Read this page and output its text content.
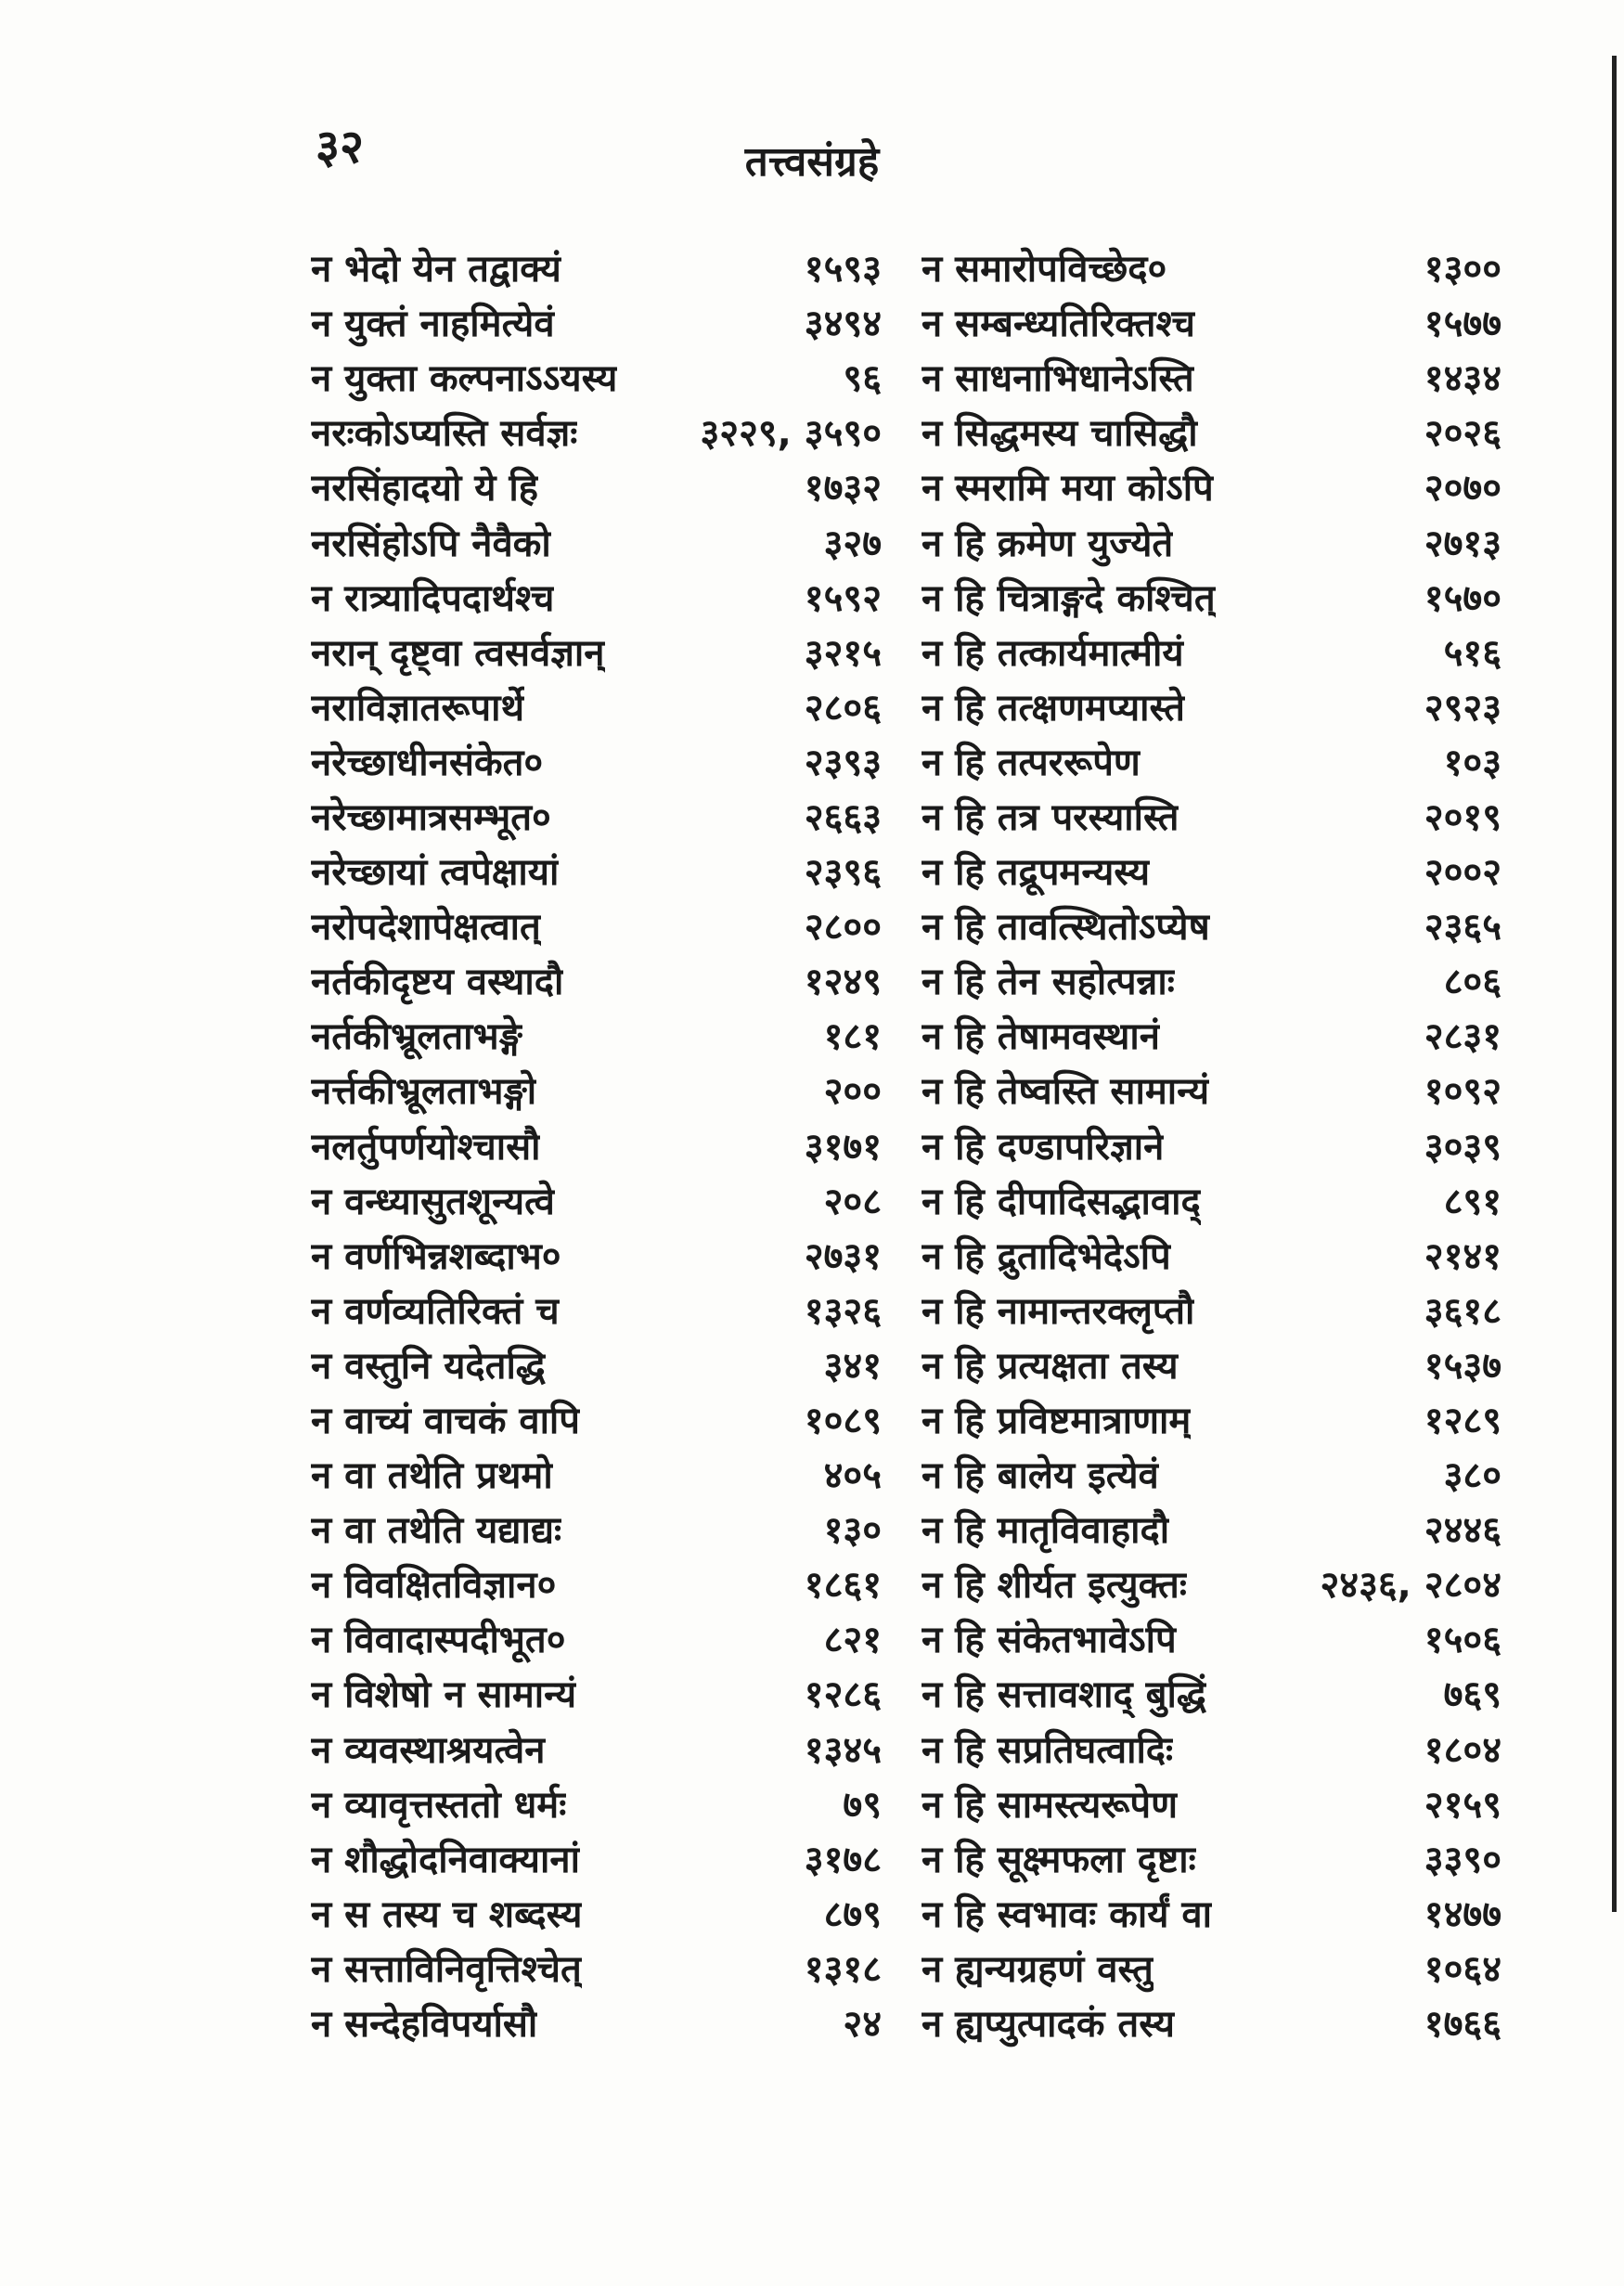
३२	तत्त्वसंग्रहे
न भेदो येन तद्वाक्यं	१५९३
न युक्तं नाहमित्येवं	३४९४
न युक्ता कल्पनाऽऽयस्य	९६
नरःकोऽप्यस्ति सर्वज्ञः	३२२९, ३५९०
नरसिंहादयो ये हि	१७३२
नरसिंहोऽपि नैवैको	३२७
न रात्र्यादिपदार्थश्च	१५९२
नरान् दृष्ट्वा त्वसर्वज्ञान्	३२१५
नराविज्ञातरूपार्थे	२८०६
नरेच्छाधीनसंकेत०	२३९३
नरेच्छामात्रसम्भूत०	२६६३
नरेच्छायां त्वपेक्षायां	२३९६
नरोपदेशापेक्षत्वात्	२८००
नर्तकीदृष्टय वस्थादौ	१२४९
नर्तकीभ्रूलताभङ्गे	१८१
नर्त्तकीभ्रूलताभङ्गो	२००
नलर्तुपर्णयोश्चासौ	३१७१
न वन्ध्यासुतशून्यत्वे	२०८
न वर्णभिन्नशब्दाभ०	२७३१
न वर्णव्यतिरिक्तं च	१३२६
न वस्तुनि यदेतद्धि	३४१
न वाच्यं वाचकं वापि	१०८९
न वा तथेति प्रथमो	४०५
न वा तथेति यद्याद्यः	१३०
न विवक्षितविज्ञान०	१८६१
न विवादास्पदीभूत०	८२१
न विशेषो न सामान्यं	१२८६
न व्यवस्थाश्रयत्वेन	१३४५
न व्यावृत्तस्ततो धर्मः	७९
न शौद्धोदनिवाक्यानां	३१७८
न स तस्य च शब्दस्य	८७९
न सत्ताविनिवृत्तिश्चेत्	१३१८
न सन्देहविपर्यासौ	२४
न समारोपविच्छेद०	१३००
न सम्बन्ध्यतिरिक्तश्च	१५७७
न साधनाभिधानेऽस्ति	१४३४
न सिद्धमस्य चासिद्धौ	२०२६
न स्मरामि मया कोऽपि	२०७०
न हि क्रमेण युज्येते	२७१३
न हि चित्राङ्गदे कश्चित्	१५७०
न हि तत्कार्यमात्मीयं	५१६
न हि तत्क्षणमप्यास्ते	२९२३
न हि तत्पररूपेण	१०३
न हि तत्र परस्यास्ति	२०१९
न हि तद्रूपमन्यस्य	२००२
न हि तावत्स्थितोऽप्येष	२३६५
न हि तेन सहोत्पन्नाः	८०६
न हि तेषामवस्थानं	२८३१
न हि तेष्वस्ति सामान्यं	१०९२
न हि दण्डापरिज्ञाने	३०३९
न हि दीपादिसद्भावाद्	८९१
न हि द्रुतादिभेदेऽपि	२१४१
न हि नामान्तरक्लृप्तौ	३६१८
न हि प्रत्यक्षता तस्य	१५३७
न हि प्रविष्टमात्राणाम्	१२८९
न हि बालेय इत्येवं	३८०
न हि मातृविवाहादौ	२४४६
न हि शीर्यत इत्युक्तः	२४३६, २८०४
न हि संकेतभावेऽपि	१५०६
न हि सत्तावशाद् बुद्धिं	७६९
न हि सप्रतिघत्वादिः	१८०४
न हि सामस्त्यरूपेण	२१५९
न हि सूक्ष्मफला दृष्टाः	३३९०
न हि स्वभावः कार्यं वा	१४७७
न ह्यन्यग्रहणं वस्तु	१०६४
न ह्यप्युत्पादकं तस्य	१७६६
